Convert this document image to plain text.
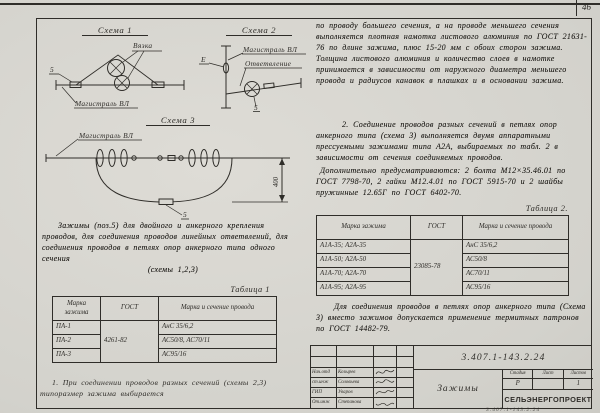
46
Схема 1
Вязка
5
Магистраль ВЛ
Схема 2
Е
Магистраль ВЛ
Ответвление
5
Схема 3
Магистраль ВЛ
5
400
Зажимы (поз.5) для двойного и анкерного крепления проводов, для соединения проводов линейных ответвлений, для соединения проводов в петлях опор анкерного типа одного сечения
(схемы 1,2,3)
Таблица 1
Марка зажима	ГОСТ	Марка и сечение провода
ПА-1	4261-82	АнС 35/6,2
ПА-2		АС50/8, АС70/11
ПА-3		АС95/16
1. При соединении проводов разных сечений (схемы 2,3) типоразмер зажима выбирается
по проводу большего сечения, а на проводе меньшего сечения выполняется плотная намотка листового алюминия по ГОСТ 21631-76 по длине зажима, плюс 15-20 мм с обоих сторон зажима. Толщина листового алюминия и количество слоев в намотке принимается в зависимости от наружного диаметра меньшего провода и радиусов канавок в плашках и в основании зажима.
2. Соединение проводов разных сечений в петлях опор анкерного типа (схема 3) выполняется двумя аппаратными прессуемыми зажимами типа А2А, выбираемых по табл. 2 в зависимости от сечения соединяемых проводов.
Дополнительно предусматриваются: 2 болта М12×35.46.01 по ГОСТ 7798-70, 2 гайки М12.4.01 по ГОСТ 5915-70 и 2 шайбы пружинные 12.65Г по ГОСТ 6402-70.
Таблица 2.
Марка зажима	ГОСТ	Марка и сечение провода
А1А-35; А2А-35	23085-78	АнС 35/6,2
А1А-50; А2А-50		АС50/8
А1А-70; А2А-70		АС70/11
А1А-95; А2А-95		АС95/16
Для соединения проводов в петлях опор анкерного типа (Схема 3) вместо зажимов допускается применение термитных патронов по ГОСТ 14482-79.
Нач.отд	Козырев
ст.инж	Соловьева
ГИП	Уваров
От.инж	Степанова
3.407.1-143.2.24
Зажимы
Стадия	Лист	Листов
Р	1
СЕЛЬЭНЕРГОПРОЕКТ
3.407.1-143.2.24
